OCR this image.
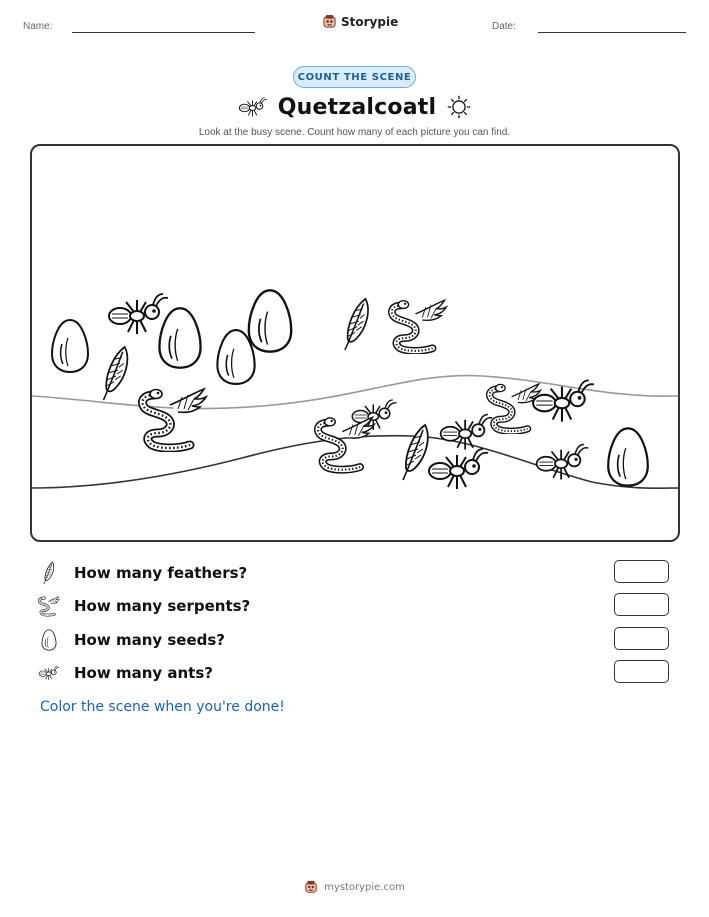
Name:	Storypie	Date:
COUNT THE SCENE
Quetzalcoatl
Look at the busy scene. Count how many of each picture you can find.
How many feathers?
How many serpents?
How many seeds?
How many ants?
Color the scene when you're done!
mystorypie.com
